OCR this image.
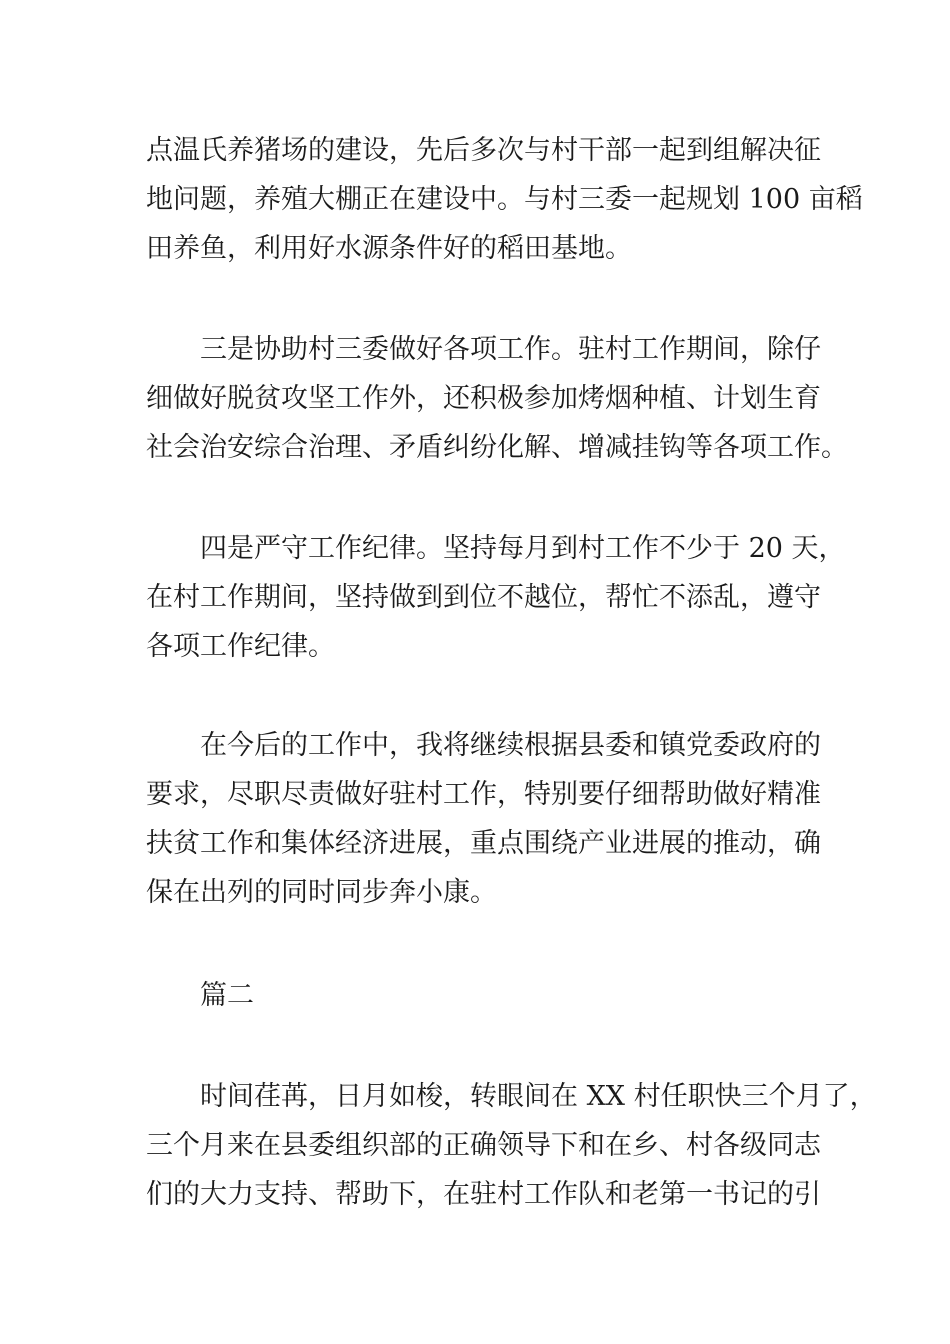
点温氏养猪场的建设，先后多次与村干部一起到组解决征
地问题，养殖大棚正在建设中。与村三委一起规划 100 亩稻
田养鱼，利用好水源条件好的稻田基地。
三是协助村三委做好各项工作。驻村工作期间，除仔
细做好脱贫攻坚工作外，还积极参加烤烟种植、计划生育
社会治安综合治理、矛盾纠纷化解、增减挂钩等各项工作。
四是严守工作纪律。坚持每月到村工作不少于 20 天，
在村工作期间，坚持做到到位不越位，帮忙不添乱，遵守
各项工作纪律。
在今后的工作中，我将继续根据县委和镇党委政府的
要求，尽职尽责做好驻村工作，特别要仔细帮助做好精准
扶贫工作和集体经济进展，重点围绕产业进展的推动，确
保在出列的同时同步奔小康。
篇二
时间荏苒，日月如梭，转眼间在 XX 村任职快三个月了，
三个月来在县委组织部的正确领导下和在乡、村各级同志
们的大力支持、帮助下，在驻村工作队和老第一书记的引
